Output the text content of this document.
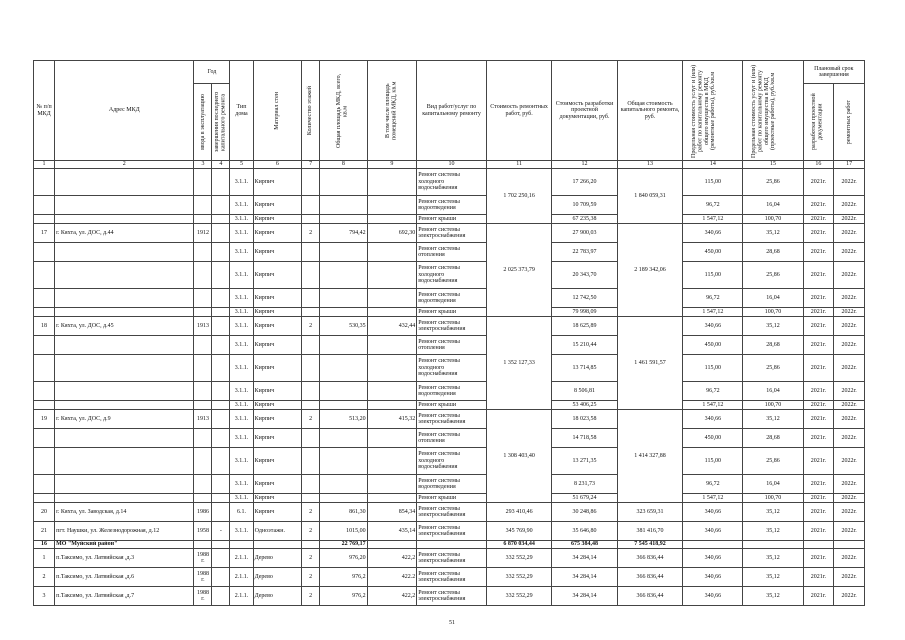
№ п/п МКД	Адрес МКД	Год		Тип дома	Материал стен	Количество этажей	Общая площадь МКД, всего, кв.м	В том числе площадь помещений МКД, кв.м	Вид работ/услуг по капитальному ремонту	Стоимость ремонтных работ, руб.	Стоимость разработки проектной документации, руб.	Общая стоимость капитального ремонта, руб.	Предельная стоимость услуг и (или) работ по капитальному ремонту общего имущества в МКД (ремонтные работы), руб./кв.м	Предельная стоимость услуг и (или) работ по капитальному ремонту общего имущества в МКД (проектные работы), руб./кв.м	Плановый срок завершения	

		ввода в эксплуатацию	завершения последнего капитального ремонта												разработки проектной документации	ремонтных работ

1	2	3	4	5	6	7	8	9	10	11	12	13	14	15	16	17
				3.1.1.	Кирпич				Ремонт системы холодного водоснабжения	1 702 250,16	17 266,20	1 840 059,31	115,00	25,86	2021г.	2022г.
				3.1.1.	Кирпич				Ремонт системы водоотведения		10 709,59		96,72	16,04	2021г.	2022г.
				3.1.1.	Кирпич				Ремонт крыши		67 235,38		1 547,12	100,70	2021г.	2022г.
17	г. Кяхта, ул. ДОС, д.44	1912		3.1.1.	Кирпич	2	794,42	692,30	Ремонт системы электроснабжения	2 025 373,79	27 900,03	2 189 342,06	340,66	35,12	2021г.	2022г.
				3.1.1.	Кирпич				Ремонт системы отопления		22 783,97		450,00	28,68	2021г.	2022г.
				3.1.1.	Кирпич				Ремонт системы холодного водоснабжения		20 343,70		115,00	25,86	2021г.	2022г.
				3.1.1.	Кирпич				Ремонт системы водоотведения		12 742,50		96,72	16,04	2021г.	2022г.
				3.1.1.	Кирпич				Ремонт крыши		79 998,09		1 547,12	100,70	2021г.	2022г.
18	г. Кяхта, ул. ДОС, д.45	1913		3.1.1.	Кирпич	2	530,35	432,44	Ремонт системы электроснабжения	1 352 127,33	18 625,89	1 461 591,57	340,66	35,12	2021г.	2022г.
				3.1.1.	Кирпич				Ремонт системы отопления		15 210,44		450,00	28,68	2021г.	2022г.
				3.1.1.	Кирпич				Ремонт системы холодного водоснабжения		13 714,85		115,00	25,86	2021г.	2022г.
				3.1.1.	Кирпич				Ремонт системы водоотведения		8 506,81		96,72	16,04	2021г.	2022г.
				3.1.1.	Кирпич				Ремонт крыши		53 406,25		1 547,12	100,70	2021г.	2022г.
19	г. Кяхта, ул. ДОС, д.9	1913		3.1.1.	Кирпич	2	513,20	415,32	Ремонт системы электроснабжения	1 308 403,40	18 023,58	1 414 327,88	340,66	35,12	2021г.	2022г.
				3.1.1.	Кирпич				Ремонт системы отопления		14 718,58		450,00	28,68	2021г.	2022г.
				3.1.1.	Кирпич				Ремонт системы холодного водоснабжения		13 271,35		115,00	25,86	2021г.	2022г.
				3.1.1.	Кирпич				Ремонт системы водоотведения		8 231,73		96,72	16,04	2021г.	2022г.
				3.1.1.	Кирпич				Ремонт крыши		51 679,24		1 547,12	100,70	2021г.	2022г.
20	г. Кяхта, ул. Заводская, д.14	1986		6.1.	Кирпич	2	861,30	854,34	Ремонт системы электроснабжения	293 410,46	30 248,86	323 659,31	340,66	35,12	2021г.	2022г.
21	пгт. Наушки, ул. Железнодорожная, д.12	1958	-	3.1.1.	Одноэтажн.	2	1015,00	435,14	Ремонт системы электроснабжения	345 769,90	35 646,80	381 416,70	340,66	35,12	2021г.	2022г.
16	МО "Муйский район"						22 769,17			6 870 034,44	675 384,48	7 545 418,92				
1	п.Таксимо, ул. Латвийская ,д.3	1988 г.		2.1.1.	Дерево	2	976,20	422,2	Ремонт системы электроснабжения	332 552,29	34 284,14	366 836,44	340,66	35,12	2021г.	2022г.
2	п.Таксимо, ул. Латвийская ,д.6	1988 г.		2.1.1.	Дерево	2	976,2	422.2	Ремонт системы электроснабжения	332 552,29	34 284,14	366 836,44	340,66	35,12	2021г.	2022г.
3	п.Таксимо, ул. Латвийская ,д.7	1988 г.		2.1.1.	Дерево	2	976,2	422,2	Ремонт системы электроснабжения	332 552,29	34 284,14	366 836,44	340,66	35,12	2021г.	2022г.
51
